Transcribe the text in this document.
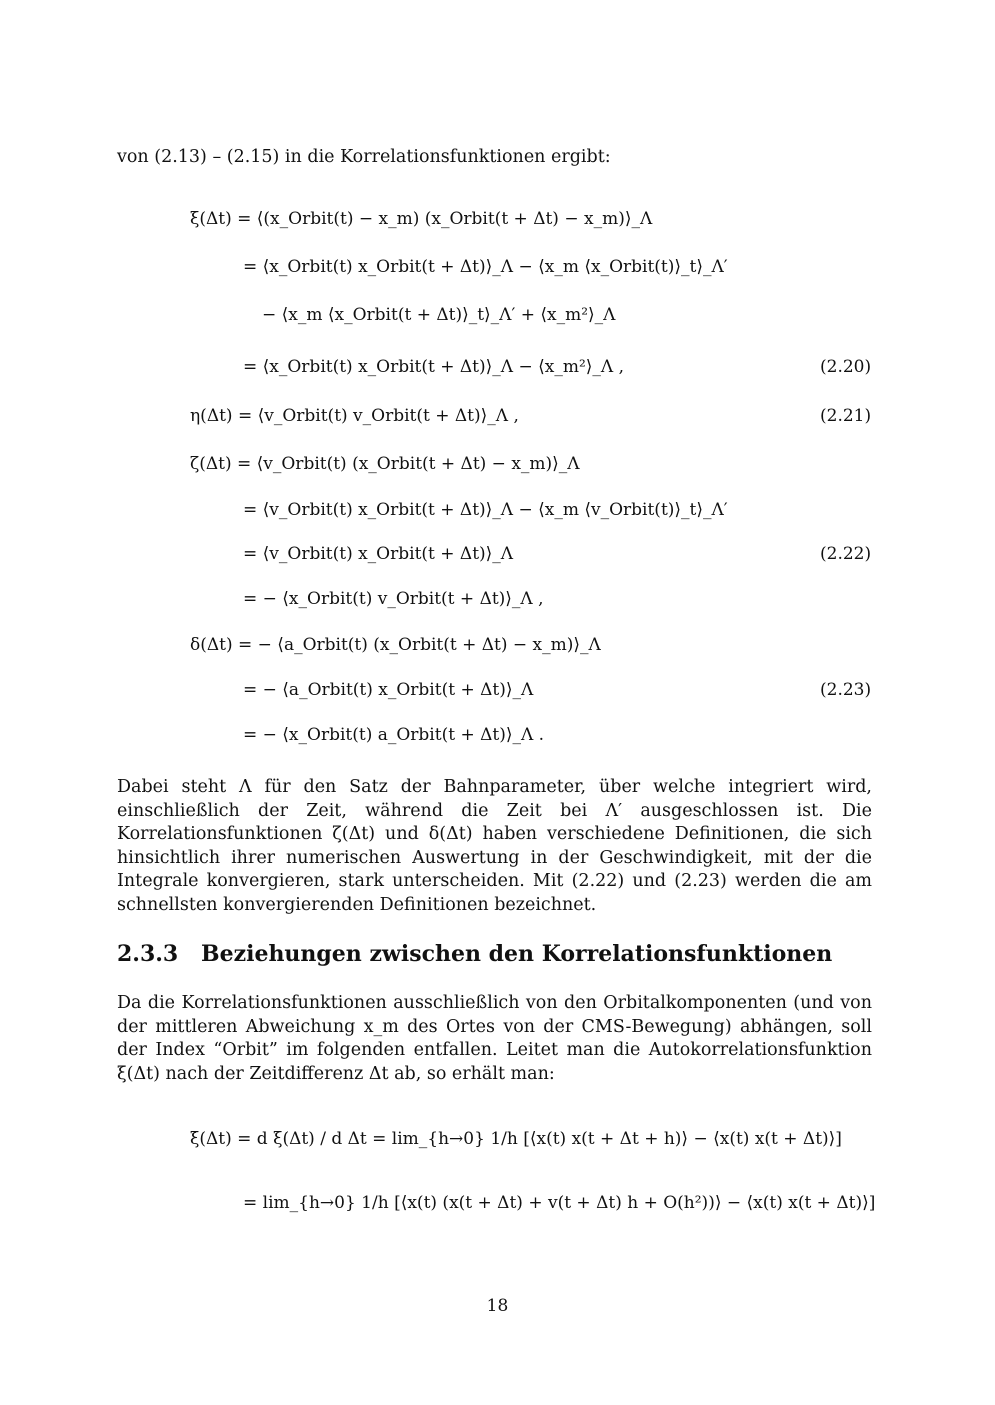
von (2.13) – (2.15) in die Korrelationsfunktionen ergibt:
ξ(Δt) = ⟨(x_Orbit(t) − x_m) (x_Orbit(t + Δt) − x_m)⟩_Λ
= ⟨x_Orbit(t) x_Orbit(t + Δt)⟩_Λ − ⟨x_m ⟨x_Orbit(t)⟩_t⟩_Λ′
− ⟨x_m ⟨x_Orbit(t + Δt)⟩_t⟩_Λ′ + ⟨x_m²⟩_Λ
= ⟨x_Orbit(t) x_Orbit(t + Δt)⟩_Λ − ⟨x_m²⟩_Λ ,	(2.20)
η(Δt) = ⟨v_Orbit(t) v_Orbit(t + Δt)⟩_Λ ,	(2.21)
ζ(Δt) = ⟨v_Orbit(t) (x_Orbit(t + Δt) − x_m)⟩_Λ
= ⟨v_Orbit(t) x_Orbit(t + Δt)⟩_Λ − ⟨x_m ⟨v_Orbit(t)⟩_t⟩_Λ′
= ⟨v_Orbit(t) x_Orbit(t + Δt)⟩_Λ	(2.22)
= − ⟨x_Orbit(t) v_Orbit(t + Δt)⟩_Λ ,
δ(Δt) = − ⟨a_Orbit(t) (x_Orbit(t + Δt) − x_m)⟩_Λ
= − ⟨a_Orbit(t) x_Orbit(t + Δt)⟩_Λ	(2.23)
= − ⟨x_Orbit(t) a_Orbit(t + Δt)⟩_Λ .
Dabei steht Λ für den Satz der Bahnparameter, über welche integriert wird, einschließlich der Zeit, während die Zeit bei Λ′ ausgeschlossen ist. Die Korrelationsfunktionen ζ(Δt) und δ(Δt) haben verschiedene Definitionen, die sich hinsichtlich ihrer numerischen Auswertung in der Geschwindigkeit, mit der die Integrale konvergieren, stark unterscheiden. Mit (2.22) und (2.23) werden die am schnellsten konvergierenden Definitionen bezeichnet.
2.3.3 Beziehungen zwischen den Korrelationsfunktionen
Da die Korrelationsfunktionen ausschließlich von den Orbitalkomponenten (und von der mittleren Abweichung x_m des Ortes von der CMS-Bewegung) abhängen, soll der Index “Orbit” im folgenden entfallen. Leitet man die Autokorrelationsfunktion ξ(Δt) nach der Zeitdifferenz Δt ab, so erhält man:
ξ̇(Δt) = d ξ(Δt) / d Δt = lim_{h→0} 1/h [⟨x(t) x(t + Δt + h)⟩ − ⟨x(t) x(t + Δt)⟩]
= lim_{h→0} 1/h [⟨x(t) (x(t + Δt) + v(t + Δt) h + O(h²))⟩ − ⟨x(t) x(t + Δt)⟩]
18
